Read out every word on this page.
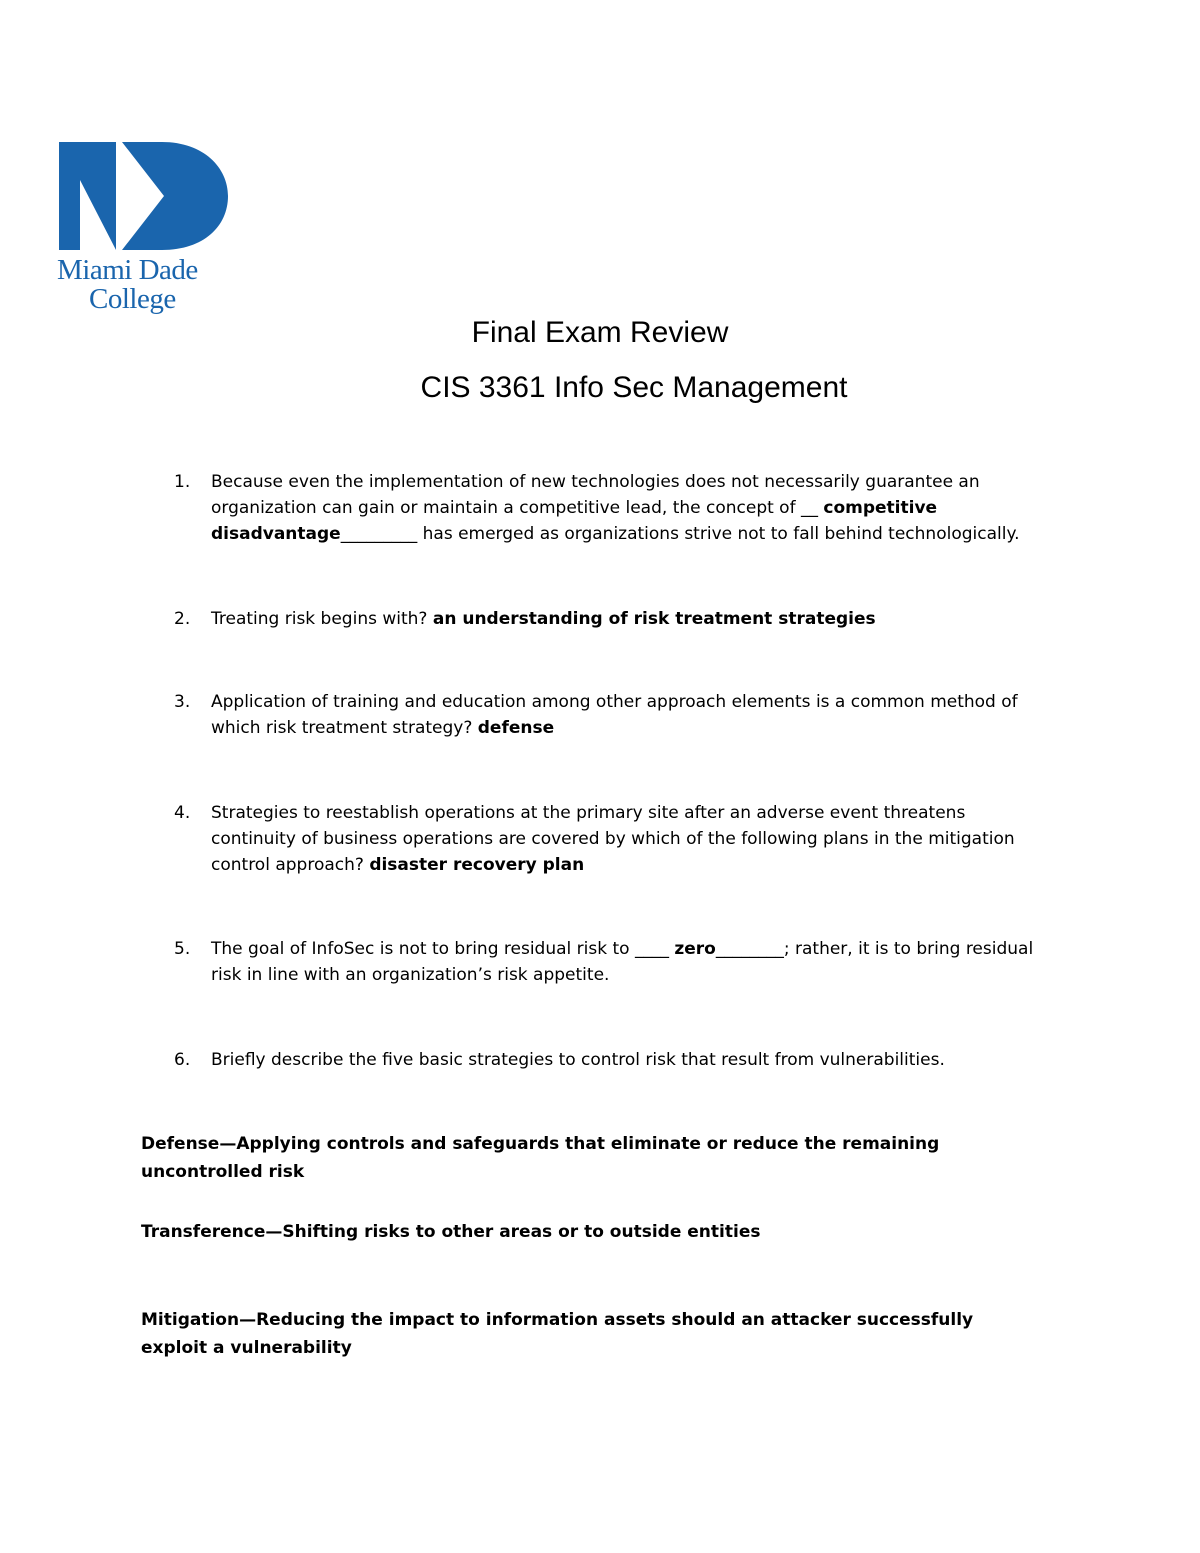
Miami Dade
College
Final Exam Review
CIS 3361 Info Sec Management
1.	Because even the implementation of new technologies does not necessarily guarantee an organization can gain or maintain a competitive lead, the concept of __ competitive disadvantage_________ has emerged as organizations strive not to fall behind technologically.
2.	Treating risk begins with? an understanding of risk treatment strategies
3.	Application of training and education among other approach elements is a common method of which risk treatment strategy? defense
4.	Strategies to reestablish operations at the primary site after an adverse event threatens continuity of business operations are covered by which of the following plans in the mitigation control approach? disaster recovery plan
5.	The goal of InfoSec is not to bring residual risk to ____ zero________; rather, it is to bring residual risk in line with an organization’s risk appetite.
6.	Briefly describe the five basic strategies to control risk that result from vulnerabilities.
Defense—Applying controls and safeguards that eliminate or reduce the remaining uncontrolled risk
Transference—Shifting risks to other areas or to outside entities
Mitigation—Reducing the impact to information assets should an attacker successfully exploit a vulnerability
